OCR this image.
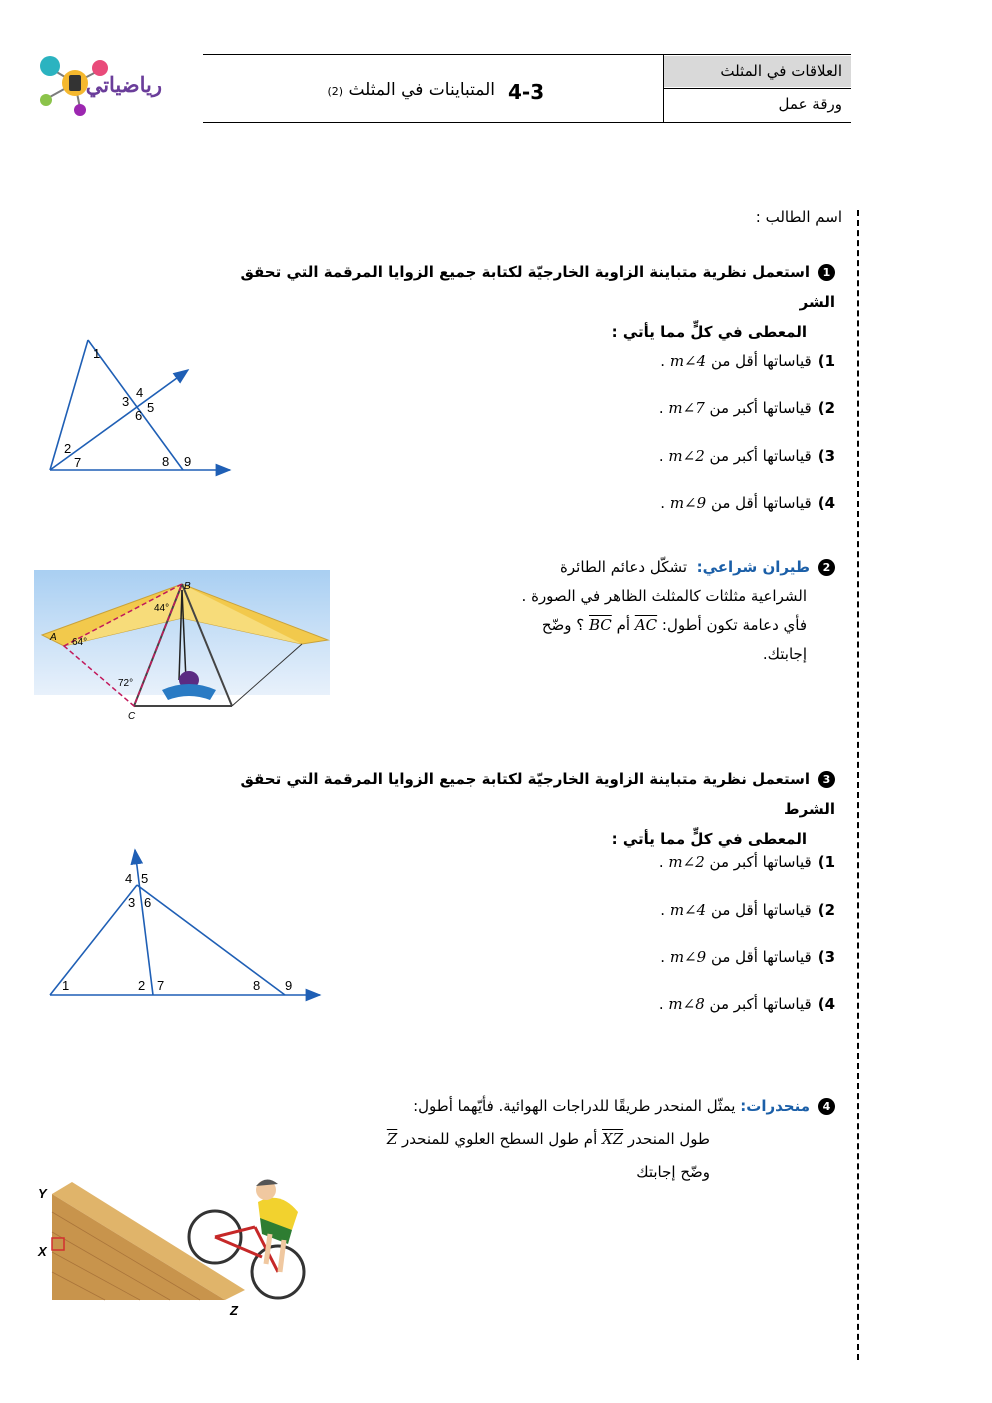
رياضياتي	4-3
المتباينات في المثلث (2)
العلاقات في المثلث
ورقة عمل
اسم الطالب :
1استعمل نظرية متباينة الزاوية الخارجيّة لكتابة جميع الزوايا المرقمة التي تحقق الشر
المعطى في كلٍّ مما يأتي :
1)قياساتها أقل من m∠4 .
2)قياساتها أكبر من m∠7 .
3)قياساتها أكبر من m∠2 .
4)قياساتها أقل من m∠9 .
1
2
3
4
5
6
7	8 9
2طيران شراعي:  تشكّل دعائم الطائرة
الشراعية مثلثات كالمثلث الظاهر في الصورة .
فأي دعامة تكون أطول: AC أم BC ؟ وضّح
إجابتك.
A
B
C
64°
44°
72°
3استعمل نظرية متباينة الزاوية الخارجيّة لكتابة جميع الزوايا المرقمة التي تحقق الشرط
المعطى في كلٍّ مما يأتي :
1)قياساتها أكبر من m∠2 .
2)قياساتها أقل من m∠4 .
3)قياساتها أقل من m∠9 .
4)قياساتها أكبر من m∠8 .
1	2
3
4 5
6
7	8 9
4منحدرات: يمثّل المنحدر طريقًا للدراجات الهوائية. فأيّهما أطول:
طول المنحدر XZ أم طول السطح العلوي للمنحدر Z
وضّح إجابتك
Y
X
Z
